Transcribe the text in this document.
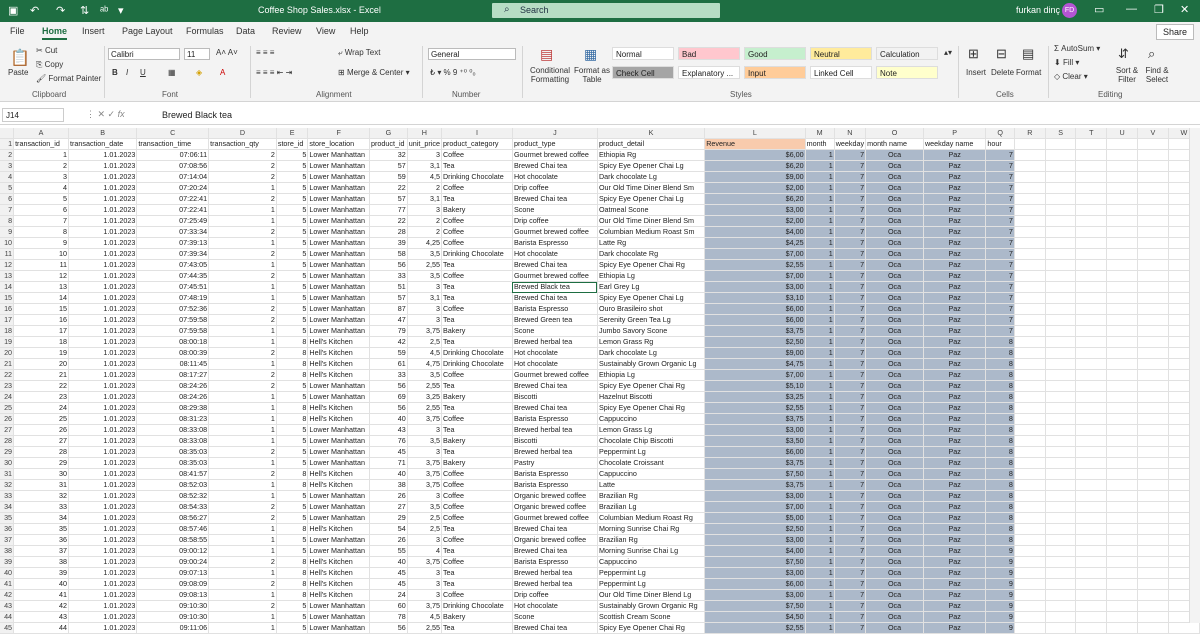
▣ ↶ ↷ ⇅ ᵃᵇ ▾	Coffee Shop Sales.xlsx - Excel	⌕ Search	furkan dinç FD ▭ — ❐ ✕
File Home Insert Page Layout Formulas Data Review View Help	Share
📋
Paste
✂ Cut
⎘ Copy
🖌 Format Painter
Clipboard
Calibri	11	A˄ A˅
B I U	▦	◈ A
Font
≡ ≡ ≡
≡ ≡ ≡ ⇤ ⇥
⤶ Wrap Text
⊞ Merge & Center ▾
Alignment
General
₺ ▾ % 9 ⁺⁰ ⁰₀
Number
▤
Conditional Formatting
▦
Format as Table
Normal	Bad	Good	Neutral	Calculation
Check Cell	Explanatory ...	Input	Linked Cell	Note
▴▾
Styles
⊞
Insert
⊟
Delete
▤
Format
Cells
Σ AutoSum ▾
⬇ Fill ▾
◇ Clear ▾
⇵
Sort & Filter
⌕
Find & Select
Editing
J14	⋮ ✕ ✓ fx	Brewed Black tea
	A	B	C	D	E	F	G	H	I	J	K	L	M	N	O	P	Q	R	S	T	U	V	W
1	transaction_id	transaction_date	transaction_time	transaction_qty	store_id	store_location	product_id	unit_price	product_category	product_type	product_detail	Revenue	month	weekday	month name	weekday name	hour						
2	1	1.01.2023	07:06:11	2	5	Lower Manhattan	32	3	Coffee	Gourmet brewed coffee	Ethiopia Rg	$6,00	1	7	Oca	Paz	7						
3	2	1.01.2023	07:08:56	2	5	Lower Manhattan	57	3,1	Tea	Brewed Chai tea	Spicy Eye Opener Chai Lg	$6,20	1	7	Oca	Paz	7						
4	3	1.01.2023	07:14:04	2	5	Lower Manhattan	59	4,5	Drinking Chocolate	Hot chocolate	Dark chocolate Lg	$9,00	1	7	Oca	Paz	7						
5	4	1.01.2023	07:20:24	1	5	Lower Manhattan	22	2	Coffee	Drip coffee	Our Old Time Diner Blend Sm	$2,00	1	7	Oca	Paz	7						
6	5	1.01.2023	07:22:41	2	5	Lower Manhattan	57	3,1	Tea	Brewed Chai tea	Spicy Eye Opener Chai Lg	$6,20	1	7	Oca	Paz	7						
7	6	1.01.2023	07:22:41	1	5	Lower Manhattan	77	3	Bakery	Scone	Oatmeal Scone	$3,00	1	7	Oca	Paz	7						
8	7	1.01.2023	07:25:49	1	5	Lower Manhattan	22	2	Coffee	Drip coffee	Our Old Time Diner Blend Sm	$2,00	1	7	Oca	Paz	7						
9	8	1.01.2023	07:33:34	2	5	Lower Manhattan	28	2	Coffee	Gourmet brewed coffee	Columbian Medium Roast Sm	$4,00	1	7	Oca	Paz	7						
10	9	1.01.2023	07:39:13	1	5	Lower Manhattan	39	4,25	Coffee	Barista Espresso	Latte Rg	$4,25	1	7	Oca	Paz	7						
11	10	1.01.2023	07:39:34	2	5	Lower Manhattan	58	3,5	Drinking Chocolate	Hot chocolate	Dark chocolate Rg	$7,00	1	7	Oca	Paz	7						
12	11	1.01.2023	07:43:05	1	5	Lower Manhattan	56	2,55	Tea	Brewed Chai tea	Spicy Eye Opener Chai Rg	$2,55	1	7	Oca	Paz	7						
13	12	1.01.2023	07:44:35	2	5	Lower Manhattan	33	3,5	Coffee	Gourmet brewed coffee	Ethiopia Lg	$7,00	1	7	Oca	Paz	7						
14	13	1.01.2023	07:45:51	1	5	Lower Manhattan	51	3	Tea	Brewed Black tea	Earl Grey Lg	$3,00	1	7	Oca	Paz	7						
15	14	1.01.2023	07:48:19	1	5	Lower Manhattan	57	3,1	Tea	Brewed Chai tea	Spicy Eye Opener Chai Lg	$3,10	1	7	Oca	Paz	7						
16	15	1.01.2023	07:52:36	2	5	Lower Manhattan	87	3	Coffee	Barista Espresso	Ouro Brasileiro shot	$6,00	1	7	Oca	Paz	7						
17	16	1.01.2023	07:59:58	2	5	Lower Manhattan	47	3	Tea	Brewed Green tea	Serenity Green Tea Lg	$6,00	1	7	Oca	Paz	7						
18	17	1.01.2023	07:59:58	1	5	Lower Manhattan	79	3,75	Bakery	Scone	Jumbo Savory Scone	$3,75	1	7	Oca	Paz	7						
19	18	1.01.2023	08:00:18	1	8	Hell's Kitchen	42	2,5	Tea	Brewed herbal tea	Lemon Grass Rg	$2,50	1	7	Oca	Paz	8						
20	19	1.01.2023	08:00:39	2	8	Hell's Kitchen	59	4,5	Drinking Chocolate	Hot chocolate	Dark chocolate Lg	$9,00	1	7	Oca	Paz	8						
21	20	1.01.2023	08:11:45	1	8	Hell's Kitchen	61	4,75	Drinking Chocolate	Hot chocolate	Sustainably Grown Organic Lg	$4,75	1	7	Oca	Paz	8						
22	21	1.01.2023	08:17:27	2	8	Hell's Kitchen	33	3,5	Coffee	Gourmet brewed coffee	Ethiopia Lg	$7,00	1	7	Oca	Paz	8						
23	22	1.01.2023	08:24:26	2	5	Lower Manhattan	56	2,55	Tea	Brewed Chai tea	Spicy Eye Opener Chai Rg	$5,10	1	7	Oca	Paz	8						
24	23	1.01.2023	08:24:26	1	5	Lower Manhattan	69	3,25	Bakery	Biscotti	Hazelnut Biscotti	$3,25	1	7	Oca	Paz	8						
25	24	1.01.2023	08:29:38	1	8	Hell's Kitchen	56	2,55	Tea	Brewed Chai tea	Spicy Eye Opener Chai Rg	$2,55	1	7	Oca	Paz	8						
26	25	1.01.2023	08:31:23	1	8	Hell's Kitchen	40	3,75	Coffee	Barista Espresso	Cappuccino	$3,75	1	7	Oca	Paz	8						
27	26	1.01.2023	08:33:08	1	5	Lower Manhattan	43	3	Tea	Brewed herbal tea	Lemon Grass Lg	$3,00	1	7	Oca	Paz	8						
28	27	1.01.2023	08:33:08	1	5	Lower Manhattan	76	3,5	Bakery	Biscotti	Chocolate Chip Biscotti	$3,50	1	7	Oca	Paz	8						
29	28	1.01.2023	08:35:03	2	5	Lower Manhattan	45	3	Tea	Brewed herbal tea	Peppermint Lg	$6,00	1	7	Oca	Paz	8						
30	29	1.01.2023	08:35:03	1	5	Lower Manhattan	71	3,75	Bakery	Pastry	Chocolate Croissant	$3,75	1	7	Oca	Paz	8						
31	30	1.01.2023	08:41:57	2	8	Hell's Kitchen	40	3,75	Coffee	Barista Espresso	Cappuccino	$7,50	1	7	Oca	Paz	8						
32	31	1.01.2023	08:52:03	1	8	Hell's Kitchen	38	3,75	Coffee	Barista Espresso	Latte	$3,75	1	7	Oca	Paz	8						
33	32	1.01.2023	08:52:32	1	5	Lower Manhattan	26	3	Coffee	Organic brewed coffee	Brazilian Rg	$3,00	1	7	Oca	Paz	8						
34	33	1.01.2023	08:54:33	2	5	Lower Manhattan	27	3,5	Coffee	Organic brewed coffee	Brazilian Lg	$7,00	1	7	Oca	Paz	8						
35	34	1.01.2023	08:56:27	2	5	Lower Manhattan	29	2,5	Coffee	Gourmet brewed coffee	Columbian Medium Roast Rg	$5,00	1	7	Oca	Paz	8						
36	35	1.01.2023	08:57:46	1	8	Hell's Kitchen	54	2,5	Tea	Brewed Chai tea	Morning Sunrise Chai Rg	$2,50	1	7	Oca	Paz	8						
37	36	1.01.2023	08:58:55	1	5	Lower Manhattan	26	3	Coffee	Organic brewed coffee	Brazilian Rg	$3,00	1	7	Oca	Paz	8						
38	37	1.01.2023	09:00:12	1	5	Lower Manhattan	55	4	Tea	Brewed Chai tea	Morning Sunrise Chai Lg	$4,00	1	7	Oca	Paz	9						
39	38	1.01.2023	09:00:24	2	8	Hell's Kitchen	40	3,75	Coffee	Barista Espresso	Cappuccino	$7,50	1	7	Oca	Paz	9						
40	39	1.01.2023	09:07:13	1	8	Hell's Kitchen	45	3	Tea	Brewed herbal tea	Peppermint Lg	$3,00	1	7	Oca	Paz	9						
41	40	1.01.2023	09:08:09	2	8	Hell's Kitchen	45	3	Tea	Brewed herbal tea	Peppermint Lg	$6,00	1	7	Oca	Paz	9						
42	41	1.01.2023	09:08:13	1	8	Hell's Kitchen	24	3	Coffee	Drip coffee	Our Old Time Diner Blend Lg	$3,00	1	7	Oca	Paz	9						
43	42	1.01.2023	09:10:30	2	5	Lower Manhattan	60	3,75	Drinking Chocolate	Hot chocolate	Sustainably Grown Organic Rg	$7,50	1	7	Oca	Paz	9						
44	43	1.01.2023	09:10:30	1	5	Lower Manhattan	78	4,5	Bakery	Scone	Scottish Cream Scone	$4,50	1	7	Oca	Paz	9						
45	44	1.01.2023	09:11:06	1	5	Lower Manhattan	56	2,55	Tea	Brewed Chai tea	Spicy Eye Opener Chai Rg	$2,55	1	7	Oca	Paz	9						
